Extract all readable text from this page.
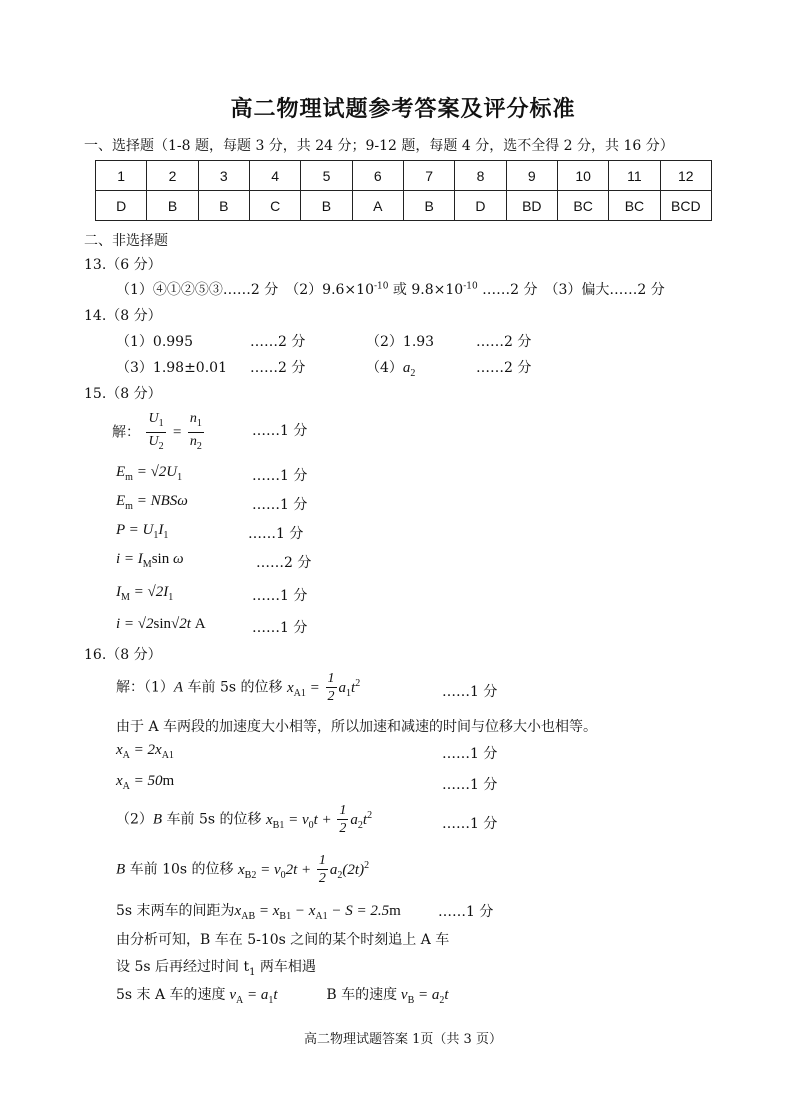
高二物理试题参考答案及评分标准
一、选择题（1-8 题，每题 3 分，共 24 分；9-12 题，每题 4 分，选不全得 2 分，共 16 分）
1	2	3	4	5	6	7	8	9	10	11	12
D	B	B	C	B	A	B	D	BD	BC	BC	BCD
二、非选择题
13.（6 分）
（1）④①②⑤③……2 分　$(2)9.6\times 10^{-10}$ 或 $9.8\times 10^{-10}$ ……2 分　（3）偏大……2 分
14.（8 分）
（1）0.995	……2 分	（2）1.93	……2 分
（3）1.98±0.01 ……2 分	$(4)a_2$	……2 分
15.（8 分）
解： $\frac{U_1}{U_2} = \frac{n_1}{n_2}$	……1 分
$E_m = √2U_1$	……1 分
$E_m = NBS\omega$	……1 分
$P = U_1I_1$	……1 分
$i = I_M\sin$ ω	……2 分
$I_M = √2I_1$	……1 分
i = √2sin√2t A	……1 分
16.（8 分）
解：（1）A 车前 5s 的位移 $x_{A1} = \frac{1}{2} a_1t^2$
……1 分
由于 A 车两段的加速度大小相等，所以加速和减速的时间与位移大小也相等。
$x_A = 2x_{A1}$	……1 分
$x_A = 50m$	……1 分
（2）B 车前 5s 的位移 $x_{B1} = v_0t + \frac{1}{2} a_2t^2$
……1 分
B 车前 10s 的位移 $x_{B2} = v_02t + \frac{1}{2} a_2(2t)^2$
5s 末两车的间距为$x_{AB} = x_{B1} - x_{A1} - S = 2.5m$	……1 分
由分析可知，B 车在 5-10s 之间的某个时刻追上 A 车
设 5s 后再经过时间 $t_1$ 两车相遇
5s 末 A 车的速度 $v_A = a_1t$	B 车的速度 $v_B = a_2t$
高二物理试题答案 1页（共 3 页）
